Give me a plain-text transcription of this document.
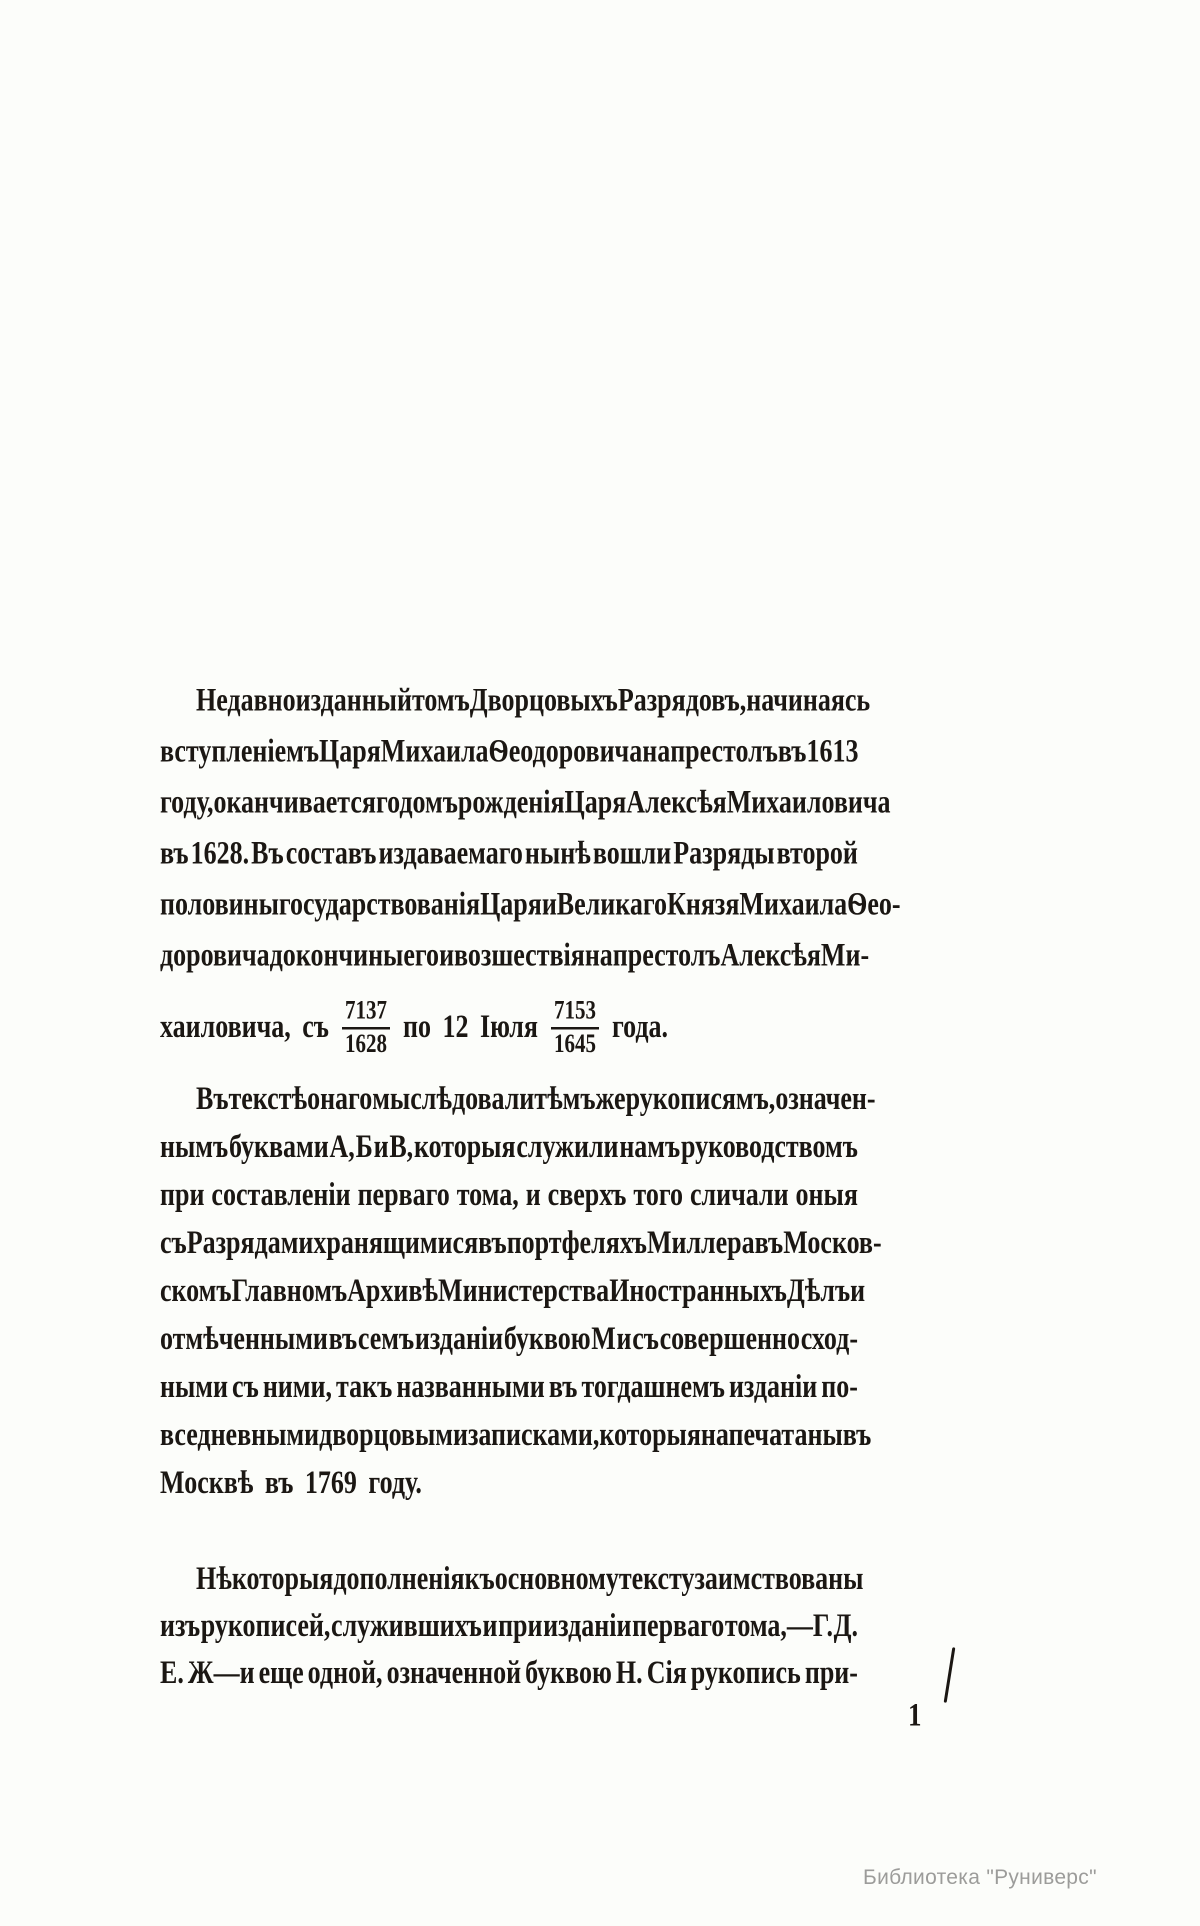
Недавно изданный томъ Дворцовыхъ Разрядовъ, начинаясь
вступленіемъ Царя Михаила Ѳеодоровича на престолъ въ 1613
году, оканчивается годомъ рожденія Царя Алексѣя Михаиловича
въ 1628. Въ составъ издаваемаго нынѣ вошли Разряды второй
половины государствованія Царя и Великаго Князя Михаила Ѳео-
доровича до кончины его и возшествія на престолъ Алексѣя Ми-
хаиловича, съ $\frac{7137}{1628}$ по 12 Іюля $\frac{7153}{1645}$ года.
Въ текстѣ онаго мы слѣдовали тѣмъ же рукописямъ, означен-
нымъ буквами А, Б и В, которыя служили намъ руководствомъ
при составленіи перваго тома, и сверхъ того сличали оныя
съ Разрядами хранящимися въ портфеляхъ Миллера въ Москов-
скомъ Главномъ Архивѣ Министерства Иностранныхъ Дѣлъ и
отмѣченными въ семъ изданіи буквою М и съ совершенно сход-
ными съ ними, такъ названными въ тогдашнемъ изданіи по-
вседневными дворцовыми записками, которыя напечатаны въ
Москвѣ въ 1769 году.
Нѣкоторыя дополненія къ основному тексту заимствованы
изъ рукописей, служившихъ и при изданіи перваго тома,—Г. Д.
Е. Ж—и еще одной, означенной буквою Н. Сія рукопись при-
1
Библиотека "Руниверс"
